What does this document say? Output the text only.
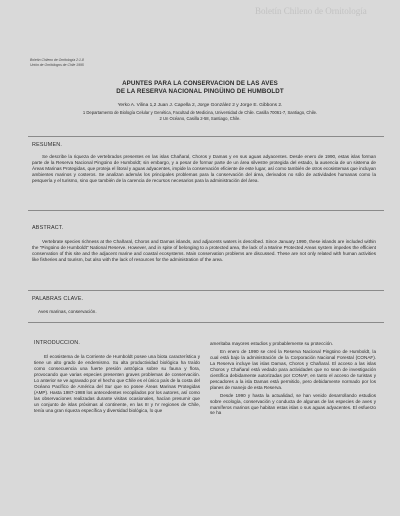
Boletín Chileno de Ornitología
Boletín Chileno de Ornitología 2:1-8
Unión de Ornitólogos de Chile 1995
APUNTES PARA LA CONSERVACION DE LAS AVES
DE LA RESERVA NACIONAL PINGÜINO DE HUMBOLDT
Yerko A. Vilina 1,2 Juan J. Capella 2, Jorge González 2 y Jorge E. Gibbons 2.
1 Departamento de Biología Celular y Genética, Facultad de Medicina, Universidad de Chile. Casilla 70061-7, Santiago, Chile.
2 Un Océano, Casilla 2-58, Santiago, Chile.
RESUMEN.
Se describe la riqueza de vertebrados presentes en las islas Chañaral, Choros y Damas y en sus aguas adyacentes. Desde enero de 1990, estas islas forman parte de la Reserva Nacional Pingüino de Humboldt; sin embargo, y a pesar de formar parte de un área silvestre protegida del estado, la ausencia de un sistema de Áreas Marinas Protegidas, que proteja el litoral y aguas adyacentes, impide la conservación eficiente de este lugar, así como también de otros ecosistemas que incluyan ambientes marinos y costeros. Se analizan además los principales problemas para la conservación del área, derivados no sólo de actividades humanas como la pesquería y el turismo, sino que también de la carencia de recursos necesarios para la administración del área.
ABSTRACT.
Vertebrate species richness at the Chañaral, Choros and Damas islands, and adjacents waters is described. Since January 1990, these islands are included within the "Pingüino de Humboldt" National Reserve. However, and in spite of belonging to a protected area, the lack of a Marine Protected Areas system impedes the efficient conservation of this site and the adjacent marine and coastal ecosystems. Main conservation problems are discussed. These are not only related with human activities like fisheries and tourism, but also with the lack of resources for the administration of the area.
PALABRAS CLAVE.
Aves marinas, conservación.
INTRODUCCION.

El ecosistema de la Corriente de Humboldt posee una biota característica y tiene un alto grado de endemismo. Su alta productividad biológica ha traído como consecuencia una fuerte presión antrópica sobre su fauna y flora, provocando que varias especies presenten graves problemas de conservación. Lo anterior se ve agravado por el hecho que Chile es el único país de la costa del Océano Pacífico de América del Sur que no posee Áreas Marinas Protegidas (AMP). Hasta 1987-1988 los antecedentes recopilados por los autores, así como las observaciones realizadas durante visitas ocasionales, hacían presumir que un conjunto de islas próximas al continente, en las III y IV regiones de Chile, tenía una gran riqueza específica y diversidad biológica, lo que

ameritaba mayores estudios y probablemente su protección.

En enero de 1990 se creó la Reserva Nacional Pingüino de Humboldt, la cual está bajo la administración de la Corporación Nacional Forestal (CONAF). La Reserva incluye las islas Damas, Choros y Chañaral. El acceso a las islas Choros y Chañaral está vedado para actividades que no sean de investigación científica debidamente autorizadas por CONAF, en tanto el acceso de turistas y pescadores a la isla Damas está permitido, pero debidamente normado por los planes de manejo de esta Reserva.

Desde 1990 y hasta la actualidad, se han venido desarrollando estudios sobre ecología, conservación y conducta de algunas de las especies de aves y mamíferos marinos que habitan estas islas o sus aguas adyacentes. El esfuerzo se ha
